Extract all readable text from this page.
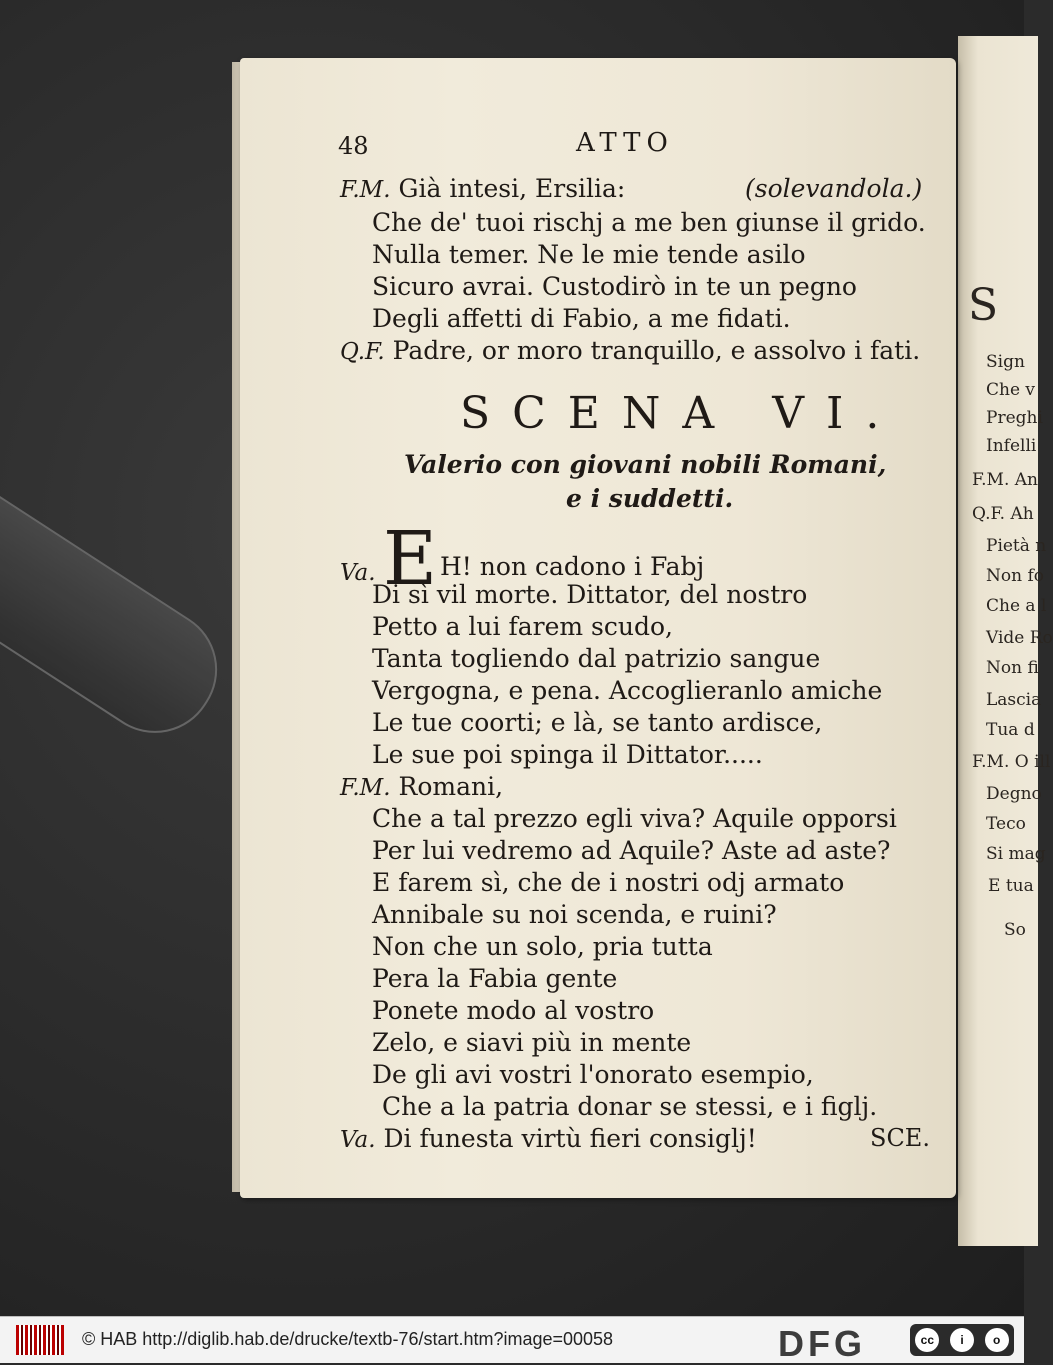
S
Sign
Che v
Preghi
Infelli
F.M. An
Q.F. Ah
Pietà n
Non fo
Che a l
Vide Ro
Non fi
Lascia
Tua d
F.M. O ill
Degno
Teco
Si mag
E tua
So
48	ATTO
F.M. Già intesi, Ersilia:	(solevandola.)
Che de' tuoi rischj a me ben giunse il grido.
Nulla temer. Ne le mie tende asilo
Sicuro avrai. Custodirò in te un pegno
Degli affetti di Fabio, a me fidati.
Q.F. Padre, or moro tranquillo, e assolvo i fati.
SCENA VI.
Valerio con giovani nobili Romani,
e i suddetti.
Va. E H! non cadono i Fabj
Di sì vil morte. Dittator, del nostro
Petto a lui farem scudo,
Tanta togliendo dal patrizio sangue
Vergogna, e pena. Accoglieranlo amiche
Le tue coorti; e là, se tanto ardisce,
Le sue poi spinga il Dittator.....
F.M. Romani,
Che a tal prezzo egli viva? Aquile opporsi
Per lui vedremo ad Aquile? Aste ad aste?
E farem sì, che de i nostri odj armato
Annibale su noi scenda, e ruini?
Non che un solo, pria tutta
Pera la Fabia gente
Ponete modo al vostro
Zelo, e siavi più in mente
De gli avi vostri l'onorato esempio,
Che a la patria donar se stessi, e i figlj.
Va. Di funesta virtù fieri consiglj!	SCE.
© HAB http://diglib.hab.de/drucke/textb-76/start.htm?image=00058	DFG	cc	i	o
